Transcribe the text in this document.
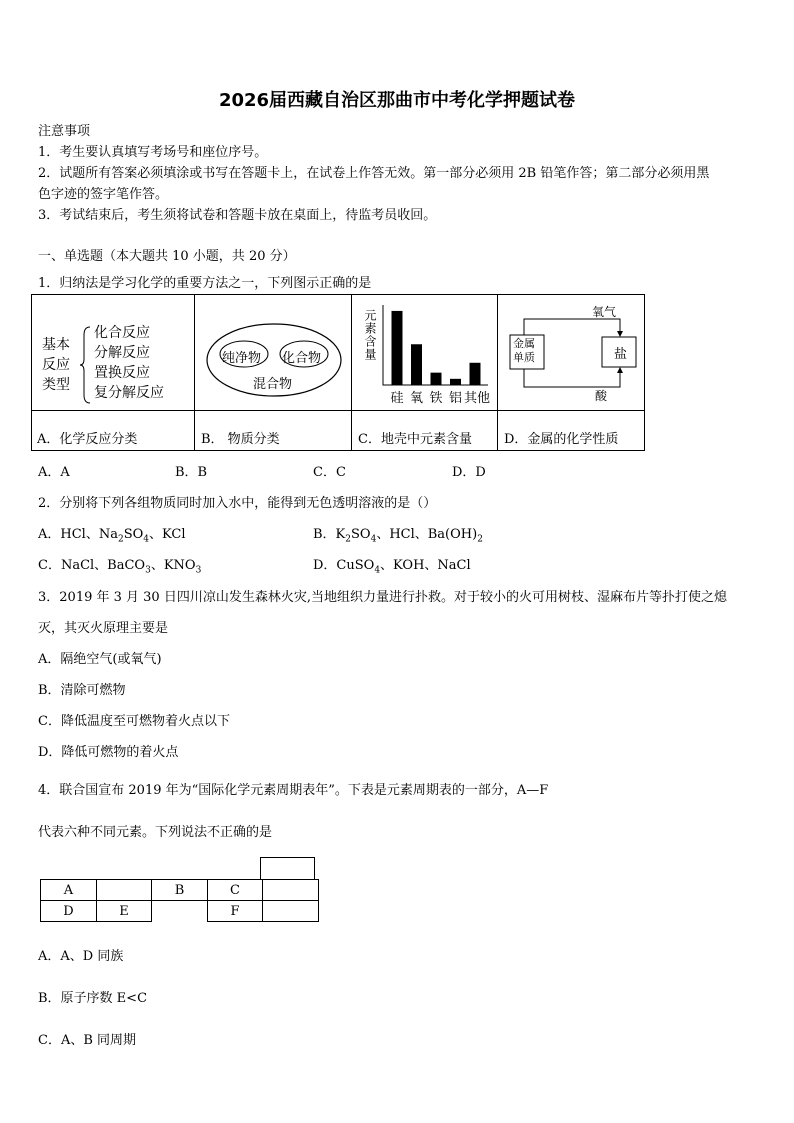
2026届西藏自治区那曲市中考化学押题试卷
注意事项
1．考生要认真填写考场号和座位序号。
2．试题所有答案必须填涂或书写在答题卡上，在试卷上作答无效。第一部分必须用 2B 铅笔作答；第二部分必须用黑
色字迹的签字笔作答。
3．考试结束后，考生须将试卷和答题卡放在桌面上，待监考员收回。
一、单选题（本大题共 10 小题，共 20 分）
1．归纳法是学习化学的重要方法之一，下列图示正确的是
基本
反应
类型
化合反应
分解反应
置换反应
复分解反应
纯净物 化合物
混合物
元素含量
硅 氧 铁 铝 其他
氧气
金属
单质	盐
酸
A．化学反应分类	B． 物质分类	C．地壳中元素含量 D．金属的化学性质
A．A	B．B	C．C	D．D
2．分别将下列各组物质同时加入水中，能得到无色透明溶液的是（）
A．HCl、$Na_2SO_4$、KCl	B．$K_2SO_4$、HCl、$Ba(OH)_2$
C．NaCl、BaCO$_3$、$KNO_3$	D．CuSO$_4$、KOH、NaCl
3．2019 年 3 月 30 日四川凉山发生森林火灾,当地组织力量进行扑救。对于较小的火可用树枝、湿麻布片等扑打使之熄
灭，其灭火原理主要是
A．隔绝空气(或氧气)
B．清除可燃物
C．降低温度至可燃物着火点以下
D．降低可燃物的着火点
4．联合国宣布 2019 年为“国际化学元素周期表年”。下表是元素周期表的一部分，A—F
代表六种不同元素。下列说法不正确的是
A		B	C	
D	E		F	
A．A、D 同族
B．原子序数 E<C
C．A、B 同周期
